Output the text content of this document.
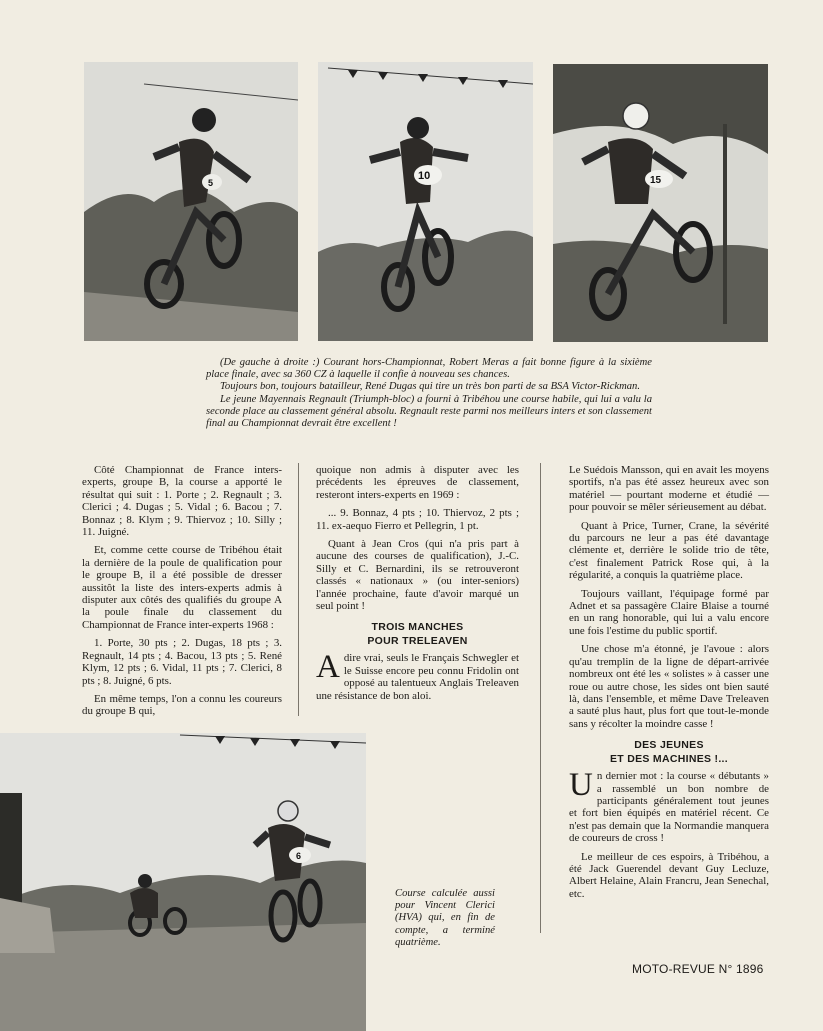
5
10	15

(De gauche à droite :) Courant hors-Championnat, Robert Meras a fait bonne figure à la sixième place finale, avec sa 360 CZ à laquelle il confie à nouveau ses chances.

Toujours bon, toujours batailleur, René Dugas qui tire un très bon parti de sa BSA Victor-Rickman.

Le jeune Mayennais Regnault (Triumph-bloc) a fourni à Tribéhou une course habile, qui lui a valu la seconde place au classement général absolu. Regnault reste parmi nos meilleurs inters et son classement final au Championnat devrait être excellent !

Côté Championnat de France inters-experts, groupe B, la course a apporté le résultat qui suit : 1. Porte ; 2. Regnault ; 3. Clerici ; 4. Dugas ; 5. Vidal ; 6. Bacou ; 7. Bonnaz ; 8. Klym ; 9. Thiervoz ; 10. Silly ; 11. Juigné.

Et, comme cette course de Tribéhou était la dernière de la poule de qualification pour le groupe B, il a été possible de dresser aussitôt la liste des inters-experts admis à disputer aux côtés des qualifiés du groupe A la poule finale du classement du Championnat de France inter-experts 1968 :

1. Porte, 30 pts ; 2. Dugas, 18 pts ; 3. Regnault, 14 pts ; 4. Bacou, 13 pts ; 5. René Klym, 12 pts ; 6. Vidal, 11 pts ; 7. Clerici, 8 pts ; 8. Juigné, 6 pts.

En même temps, l'on a connu les coureurs du groupe B qui,

quoique non admis à disputer avec les précédents les épreuves de classement, resteront inters-experts en 1969 :

... 9. Bonnaz, 4 pts ; 10. Thiervoz, 2 pts ; 11. ex-aequo Fierro et Pellegrin, 1 pt.

Quant à Jean Cros (qui n'a pris part à aucune des courses de qualification), J.-C. Silly et C. Bernardini, ils se retrouveront classés « nationaux » (ou inter-seniors) l'année prochaine, faute d'avoir marqué un seul point !

TROIS MANCHES
POUR TRELEAVEN

Adire vrai, seuls le Français Schwegler et le Suisse encore peu connu Fridolin ont opposé au talentueux Anglais Treleaven une résistance de bon aloi.

Le Suédois Mansson, qui en avait les moyens sportifs, n'a pas été assez heureux avec son matériel — pourtant moderne et étudié — pour pouvoir se mêler sérieusement au débat.

Quant à Price, Turner, Crane, la sévérité du parcours ne leur a pas été davantage clémente et, derrière le solide trio de tête, c'est finalement Patrick Rose qui, à la régularité, a conquis la quatrième place.

Toujours vaillant, l'équipage formé par Adnet et sa passagère Claire Blaise a tourné en un rang honorable, qui lui a valu encore une fois l'estime du public sportif.

Une chose m'a étonné, je l'avoue : alors qu'au tremplin de la ligne de départ-arrivée nombreux ont été les « solistes » à casser une roue ou autre chose, les sides ont bien sauté là, dans l'ensemble, et même Dave Treleaven a sauté plus haut, plus fort que tout-le-monde sans y récolter la moindre casse !

DES JEUNES
ET DES MACHINES !...

Un dernier mot : la course « débutants » a rassemblé un bon nombre de participants généralement tout jeunes et fort bien équipés en matériel récent. Ce n'est pas demain que la Normandie manquera de coureurs de cross !

Le meilleur de ces espoirs, à Tribéhou, a été Jack Guerendel devant Guy Lecluze, Albert Helaine, Alain Francru, Jean Senechal, etc.

6
Course calculée aussi pour Vincent Clerici (HVA) qui, en fin de compte, a terminé quatrième.
MOTO-REVUE N° 1896
